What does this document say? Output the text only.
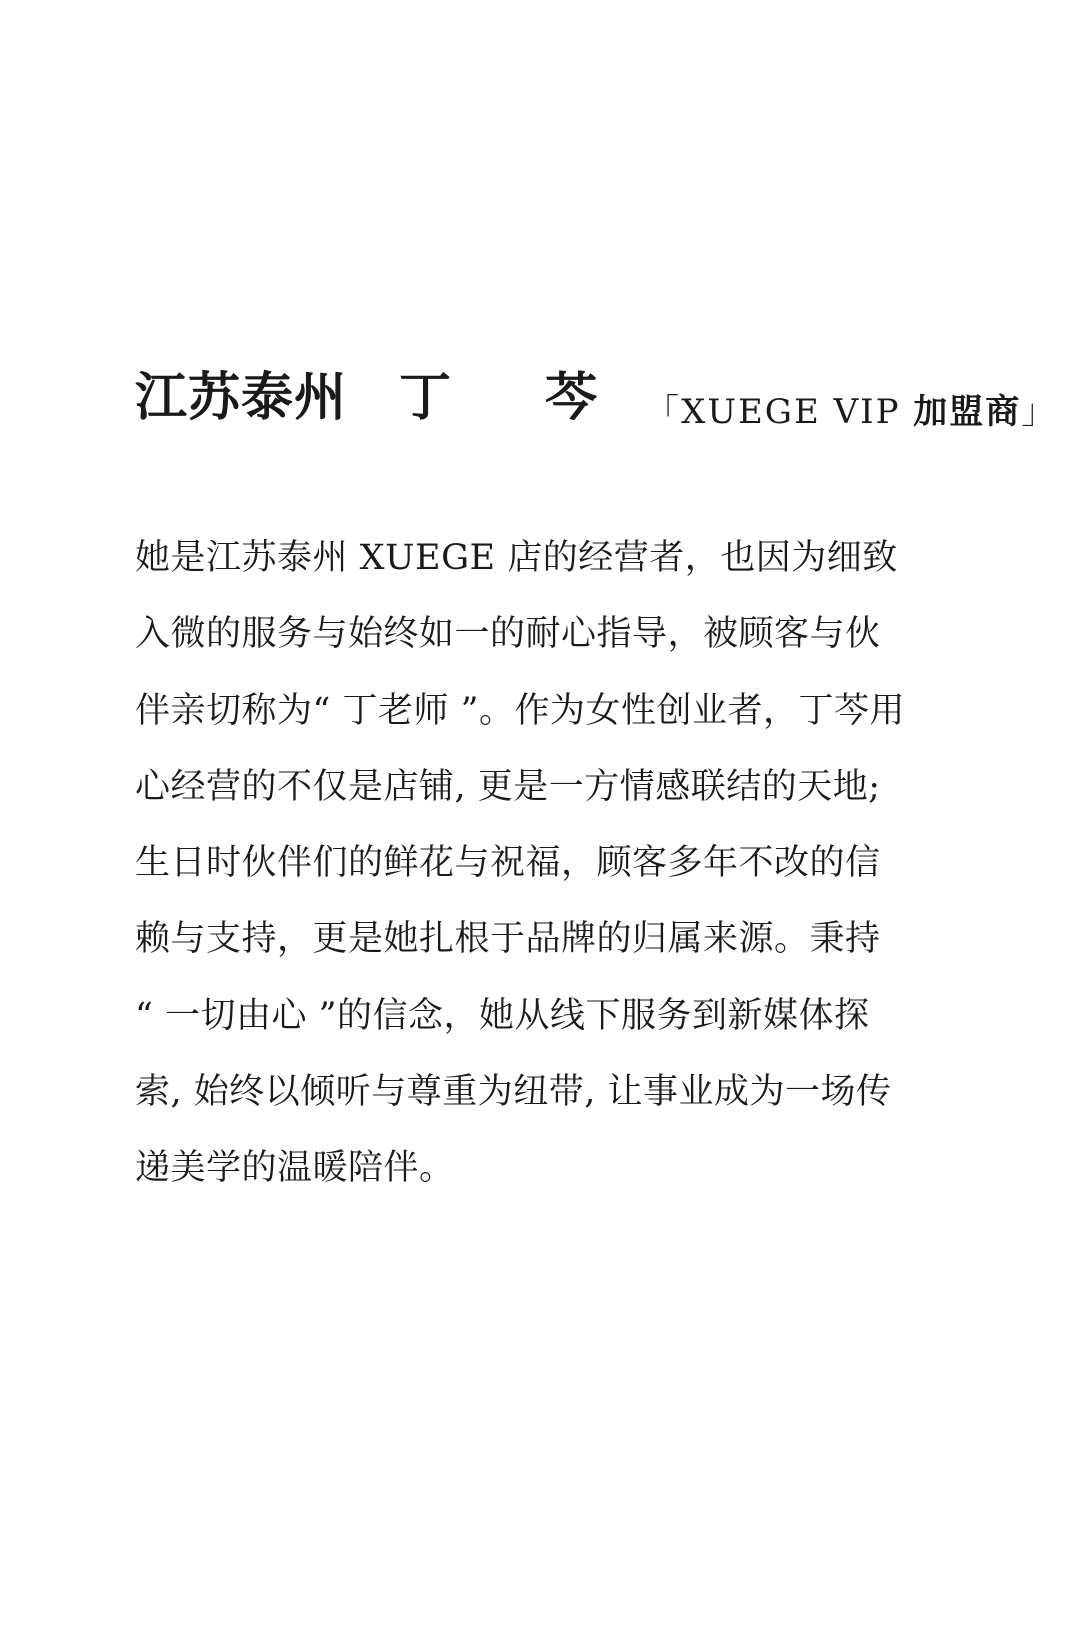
江苏泰州 丁 芩 「XUEGE VIP 加盟商」

她是江苏泰州 XUEGE 店的经营者，也因为细致
入微的服务与始终如一的耐心指导，被顾客与伙
伴亲切称为“ 丁老师 ”。作为女性创业者，丁芩用
心经营的不仅是店铺, 更是一方情感联结的天地;
生日时伙伴们的鲜花与祝福，顾客多年不改的信
赖与支持，更是她扎根于品牌的归属来源。秉持
“ 一切由心 ”的信念，她从线下服务到新媒体探
索, 始终以倾听与尊重为纽带, 让事业成为一场传
递美学的温暖陪伴。
